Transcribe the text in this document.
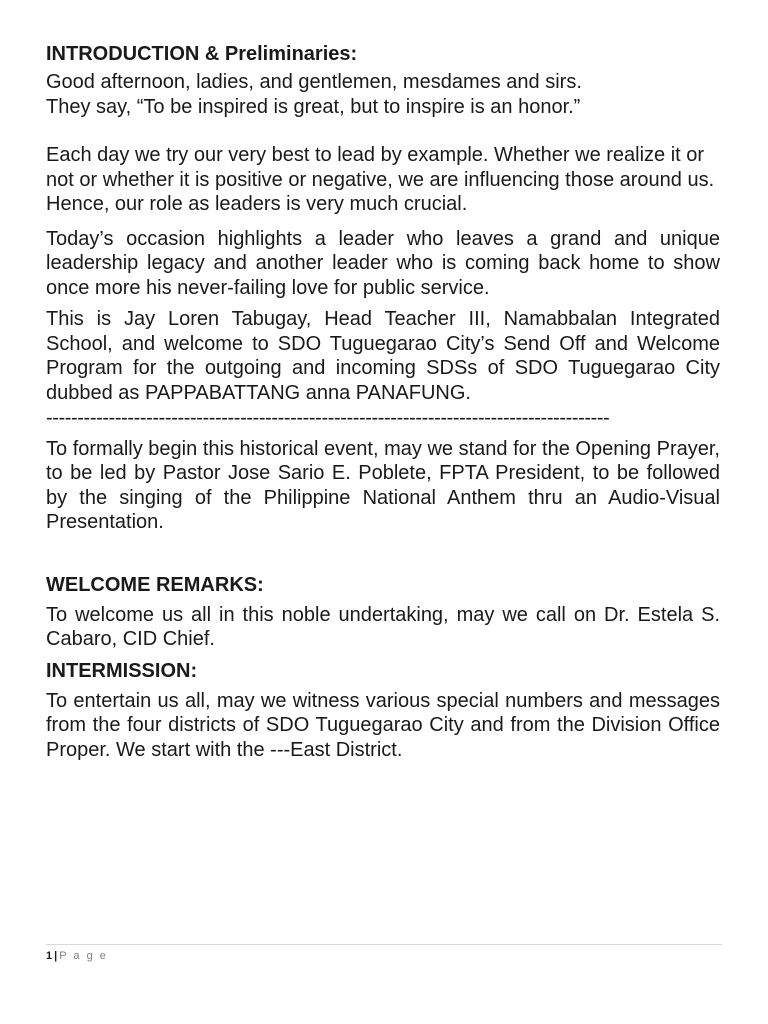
INTRODUCTION & Preliminaries:

Good afternoon, ladies, and gentlemen, mesdames and sirs.

They say, “To be inspired is great, but to inspire is an honor.”

Each day we try our very best to lead by example. Whether we realize it or not or whether it is positive or negative, we are influencing those around us. Hence, our role as leaders is very much crucial.

Today’s occasion highlights a leader who leaves a grand and unique leadership legacy and another leader who is coming back home to show once more his never-failing love for public service.

This is Jay Loren Tabugay, Head Teacher III, Namabbalan Integrated School, and welcome to SDO Tuguegarao City’s Send Off and Welcome Program for the outgoing and incoming SDSs of SDO Tuguegarao City dubbed as PAPPABATTANG anna PANAFUNG.

------------------------------------------------------------------------------------------

To formally begin this historical event, may we stand for the Opening Prayer, to be led by Pastor Jose Sario E. Poblete, FPTA President, to be followed by the singing of the Philippine National Anthem thru an Audio-Visual Presentation.

WELCOME REMARKS:

To welcome us all in this noble undertaking, may we call on Dr. Estela S. Cabaro, CID Chief.

INTERMISSION:

To entertain us all, may we witness various special numbers and messages from the four districts of SDO Tuguegarao City and from the Division Office Proper. We start with the ---East District.

1 | P a g e
